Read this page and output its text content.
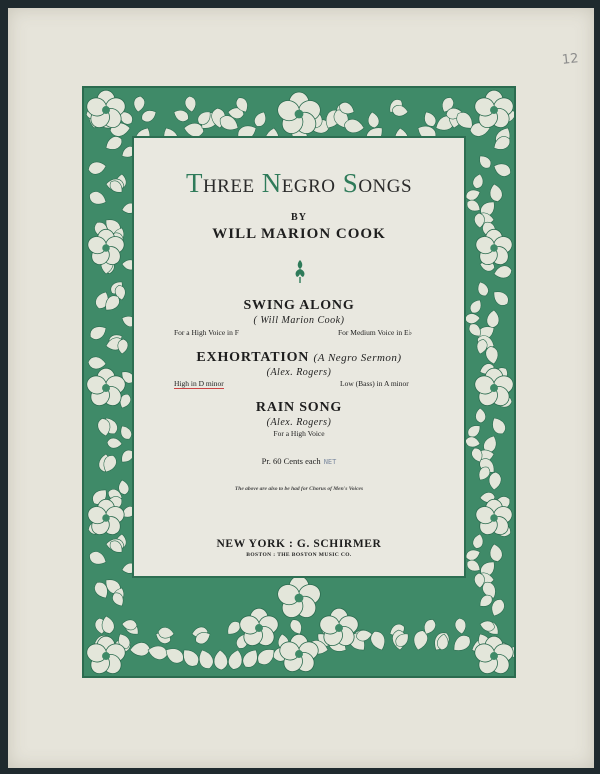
12
Three Negro Songs
BY
WILL MARION COOK
SWING ALONG
( Will Marion Cook)
For a High Voice in F	For Medium Voice in E♭
EXHORTATION (A Negro Sermon)
(Alex. Rogers)
High in D minor	Low (Bass) in A minor
RAIN SONG
(Alex. Rogers)
For a High Voice
Pr. 60 Cents each NET
The above are also to be had for Chorus of Men's Voices
NEW YORK : G. SCHIRMER
BOSTON : THE BOSTON MUSIC CO.
